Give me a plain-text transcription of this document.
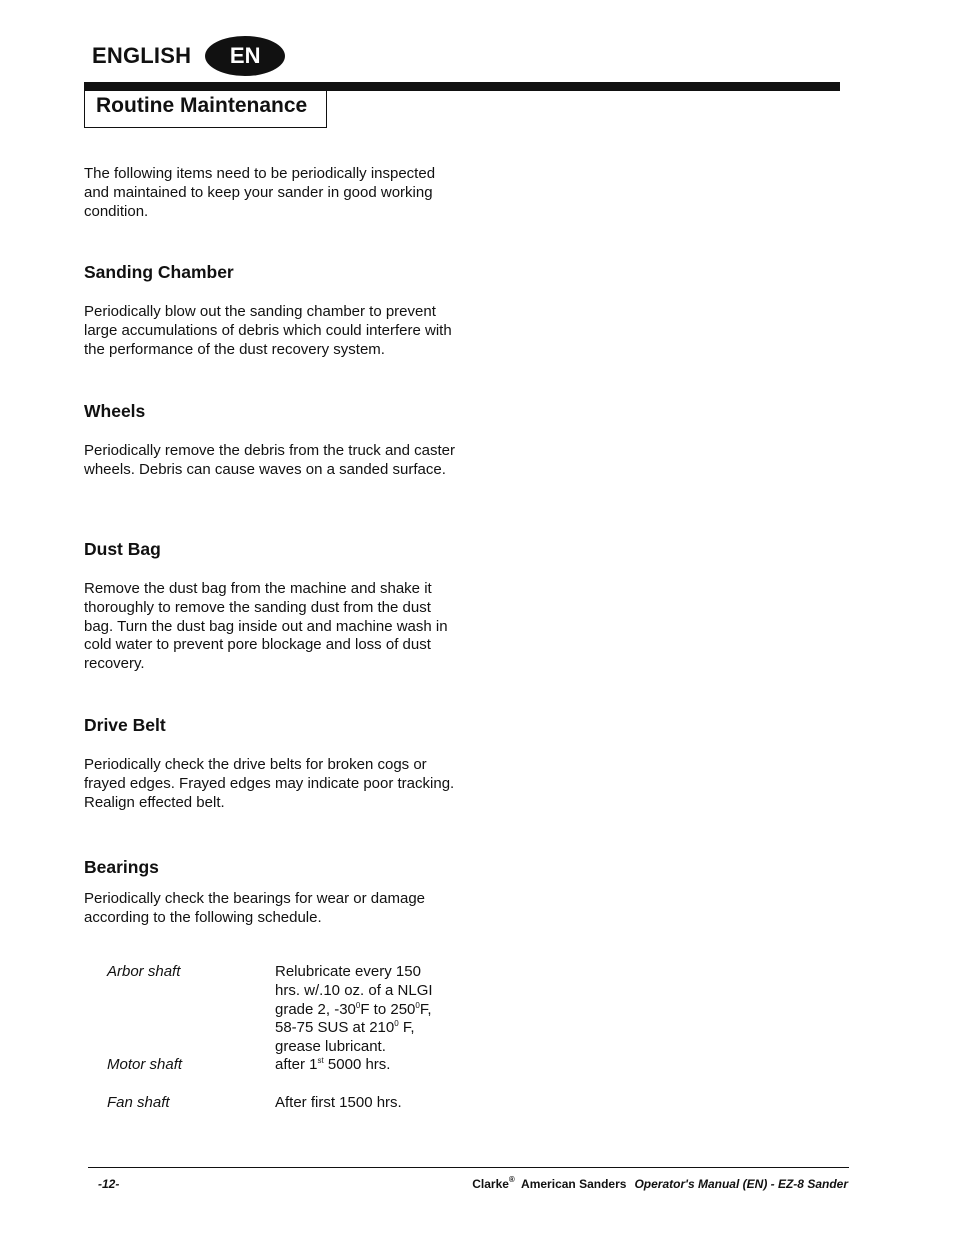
ENGLISH	EN
Routine Maintenance

The following items need to be periodically inspected and maintained to keep your sander in good working condition.

Sanding Chamber

Periodically blow out the sanding chamber to prevent large accumulations of debris which could interfere with the performance of the dust recovery system.

Wheels

Periodically remove the debris from the truck and caster wheels. Debris can cause waves on a sanded surface.

Dust Bag

Remove the dust bag from the machine and shake it thoroughly to remove the sanding dust from the dust bag. Turn the dust bag inside out and machine wash in cold water to prevent pore blockage and loss of dust recovery.

Drive Belt

Periodically check the drive belts for broken cogs or frayed edges. Frayed edges may indicate poor tracking. Realign effected belt.

Bearings

Periodically check the bearings for wear or damage according to the following schedule.

Arbor shaft	Relubricate every 150
hrs. w/.10 oz. of a NLGI
grade 2, $-30^0F$ to $250^0F$,
58-75 SUS at $210^0$ F,
grease lubricant.
Motor shaft	after 1st 5000 hrs.
Fan shaft	After first 1500 hrs.
-12-	Clarke®  American Sanders Operator's Manual (EN) - EZ-8 Sander
